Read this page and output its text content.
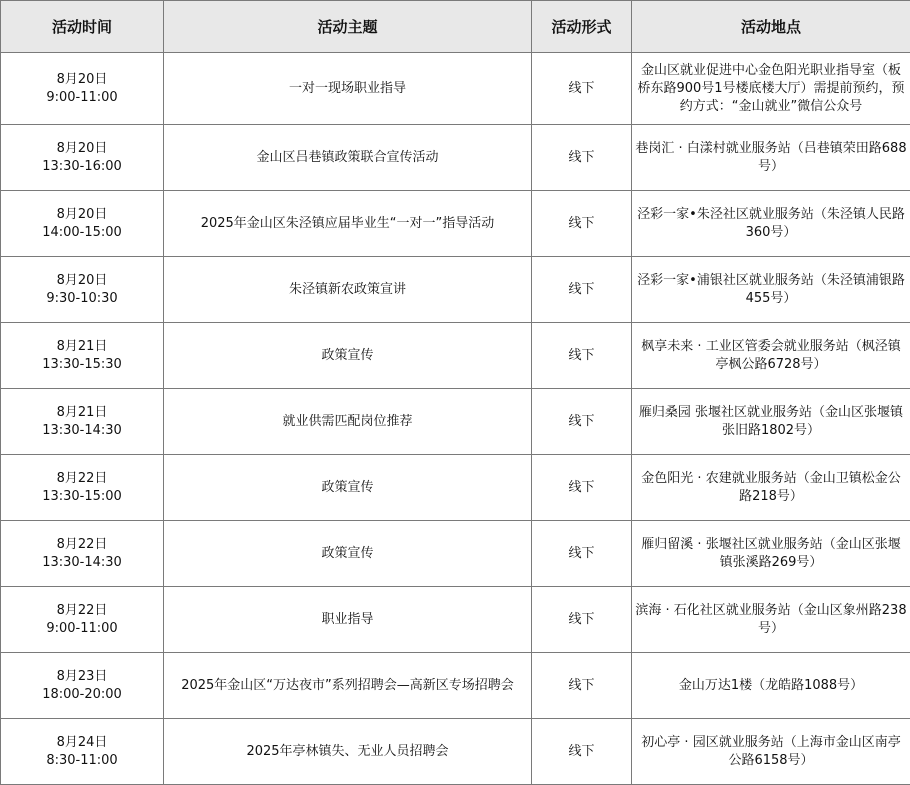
活动时间	活动主题	活动形式	活动地点

8月20日
9:00-11:00	一对一现场职业指导	线下	金山区就业促进中心金色阳光职业指导室（板桥东路900号1号楼底楼大厅）需提前预约，预约方式：“金山就业”微信公众号

8月20日
13:30-16:00	金山区吕巷镇政策联合宣传活动	线下	巷岗汇 · 白漾村就业服务站（吕巷镇荣田路688号）

8月20日
14:00-15:00	2025年金山区朱泾镇应届毕业生“一对一”指导活动	线下	泾彩一家•朱泾社区就业服务站（朱泾镇人民路360号）

8月20日
9:30-10:30	朱泾镇新农政策宣讲	线下	泾彩一家•浦银社区就业服务站（朱泾镇浦银路455号）

8月21日
13:30-15:30	政策宣传	线下	枫享未来 · 工业区管委会就业服务站（枫泾镇亭枫公路6728号）

8月21日
13:30-14:30	就业供需匹配岗位推荐	线下	雁归桑园 张堰社区就业服务站（金山区张堰镇张旧路1802号）

8月22日
13:30-15:00	政策宣传	线下	金色阳光 · 农建就业服务站（金山卫镇松金公路218号）

8月22日
13:30-14:30	政策宣传	线下	雁归留溪 · 张堰社区就业服务站（金山区张堰镇张溪路269号）

8月22日
9:00-11:00	职业指导	线下	滨海 · 石化社区就业服务站（金山区象州路238号）

8月23日
18:00-20:00	2025年金山区“万达夜市”系列招聘会—高新区专场招聘会	线下	金山万达1楼（龙皓路1088号）

8月24日
8:30-11:00	2025年亭林镇失、无业人员招聘会	线下	初心亭 · 园区就业服务站（上海市金山区南亭公路6158号）
